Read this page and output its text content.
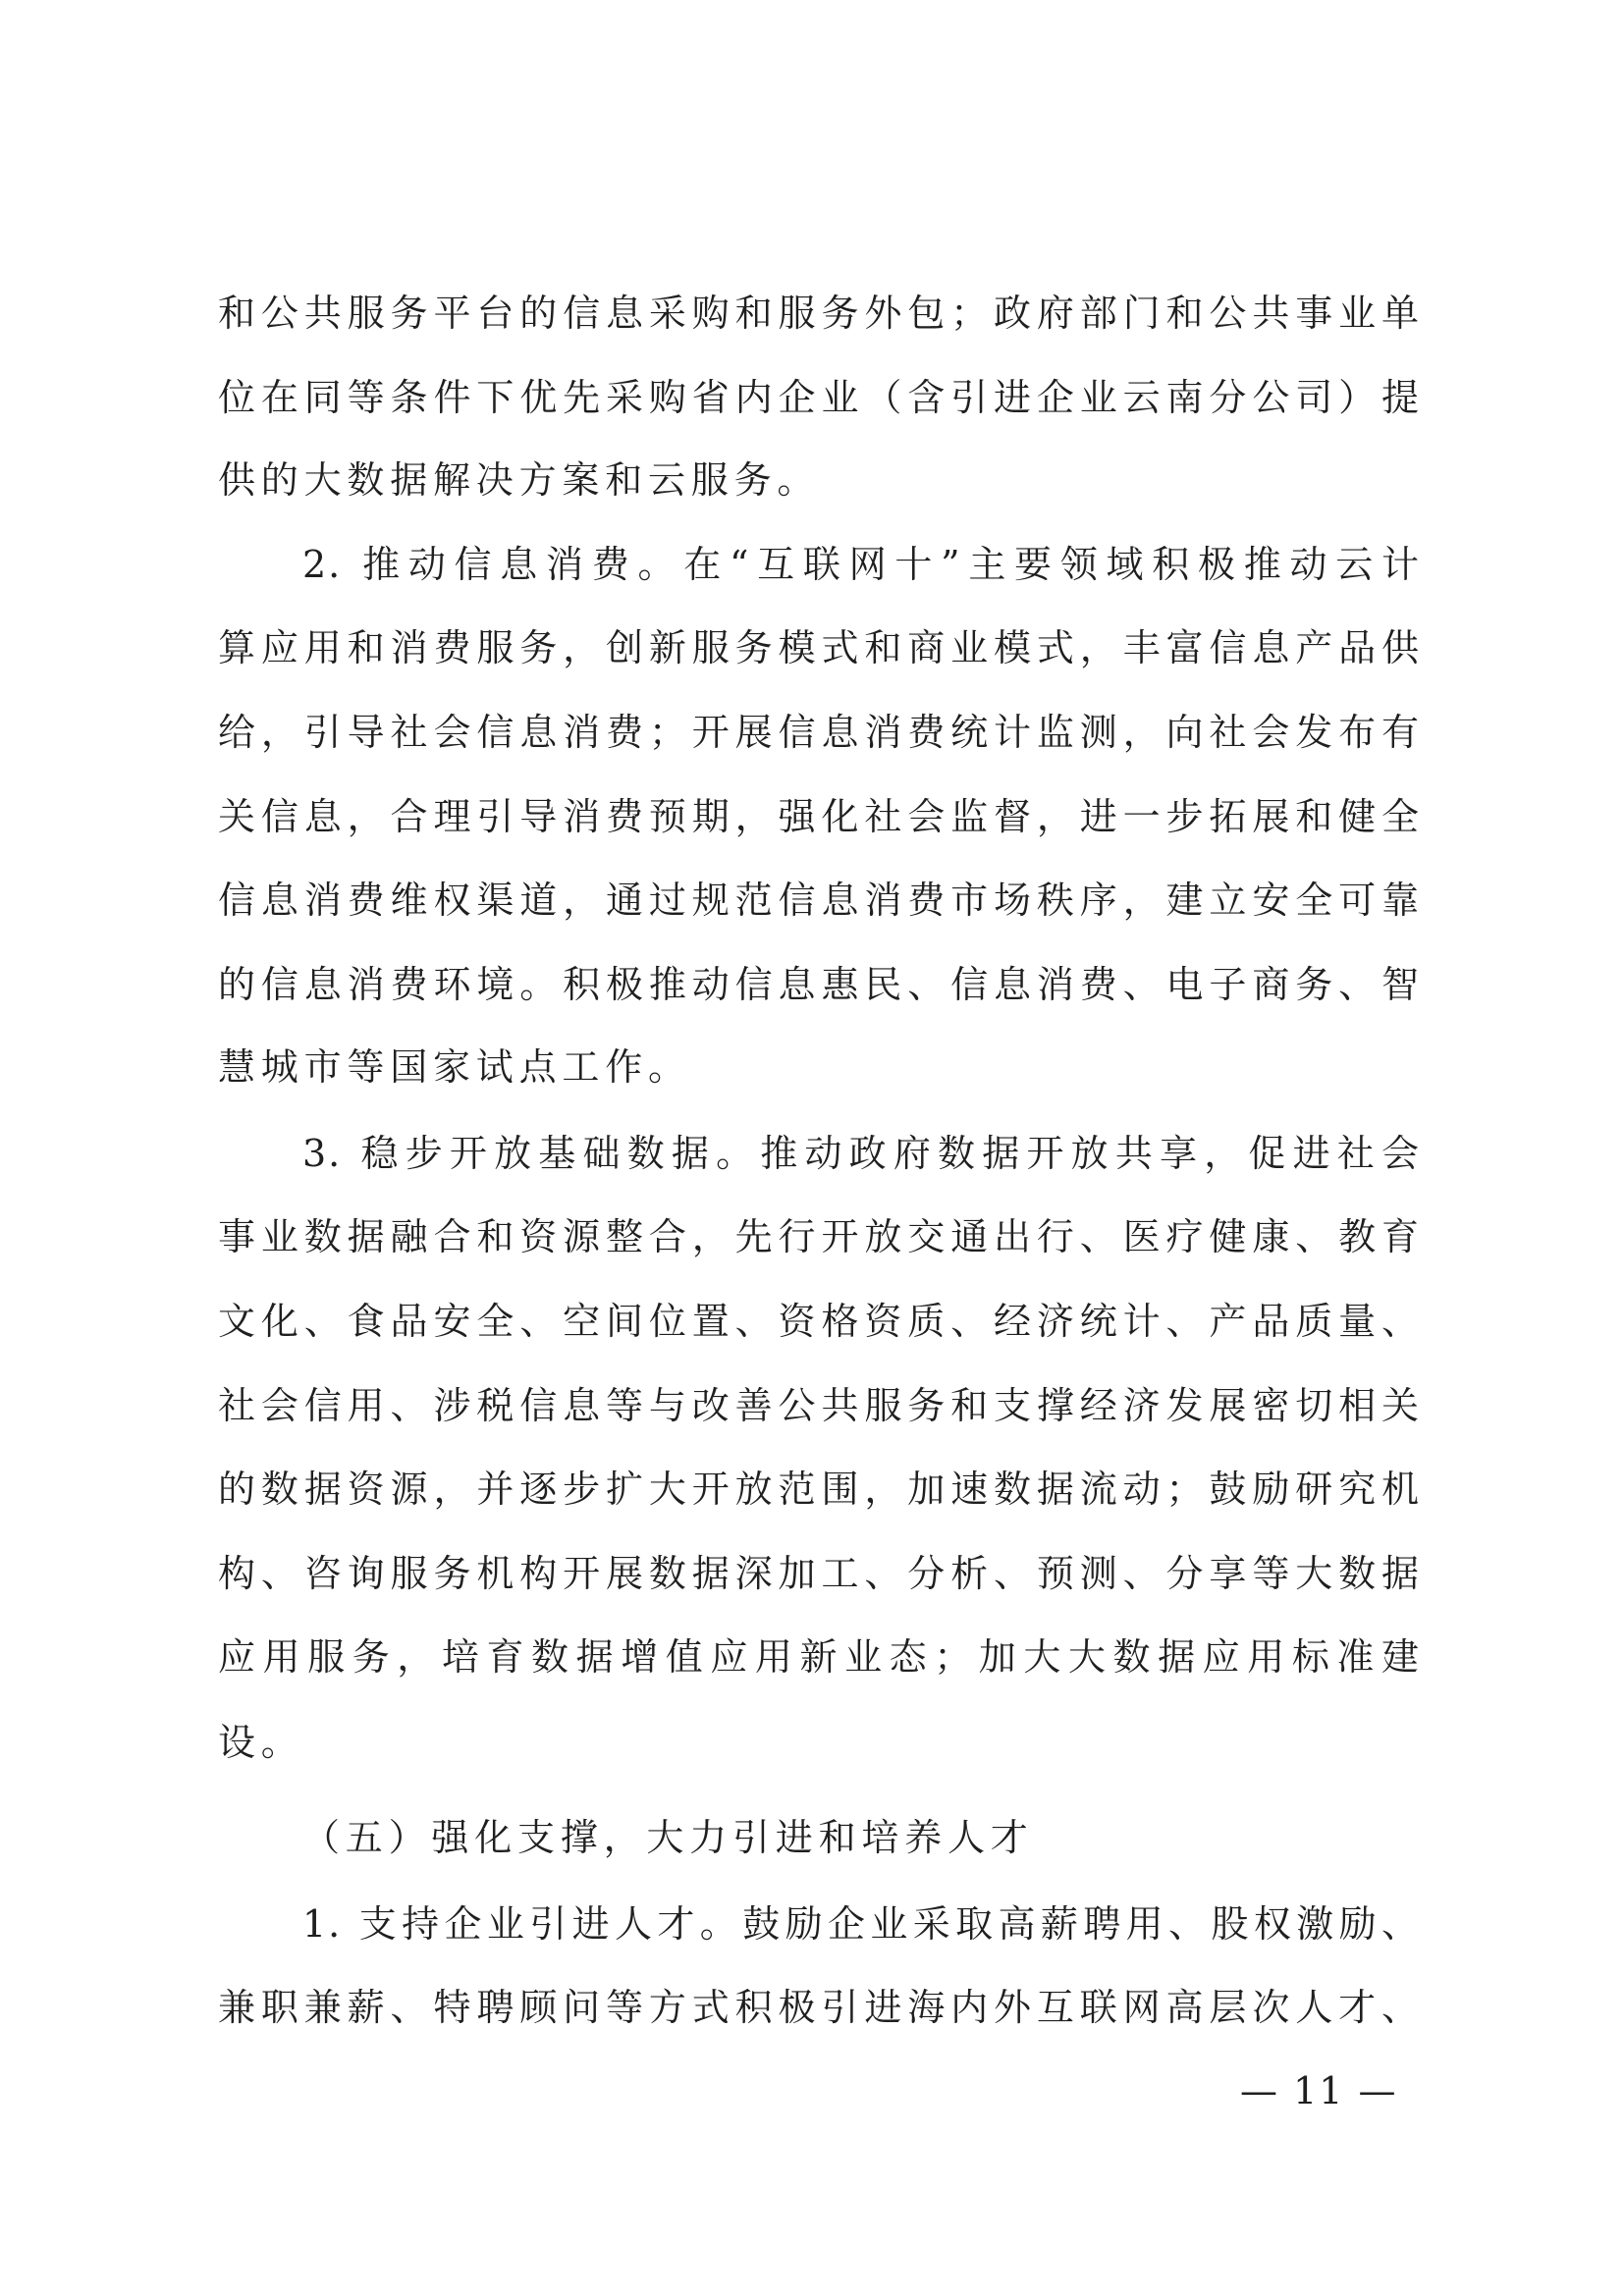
和公共服务平台的信息采购和服务外包；政府部门和公共事业单
位在同等条件下优先采购省内企业（含引进企业云南分公司）提
供的大数据解决方案和云服务。
2. 推动信息消费。在“互联网十”主要领域积极推动云计
算应用和消费服务，创新服务模式和商业模式，丰富信息产品供
给，引导社会信息消费；开展信息消费统计监测，向社会发布有
关信息，合理引导消费预期，强化社会监督，进一步拓展和健全
信息消费维权渠道，通过规范信息消费市场秩序，建立安全可靠
的信息消费环境。积极推动信息惠民、信息消费、电子商务、智
慧城市等国家试点工作。
3. 稳步开放基础数据。推动政府数据开放共享，促进社会
事业数据融合和资源整合，先行开放交通出行、医疗健康、教育
文化、食品安全、空间位置、资格资质、经济统计、产品质量、
社会信用、涉税信息等与改善公共服务和支撑经济发展密切相关
的数据资源，并逐步扩大开放范围，加速数据流动；鼓励研究机
构、咨询服务机构开展数据深加工、分析、预测、分享等大数据
应用服务，培育数据增值应用新业态；加大大数据应用标准建
设。
（五）强化支撑，大力引进和培养人才
1. 支持企业引进人才。鼓励企业采取高薪聘用、股权激励、
兼职兼薪、特聘顾问等方式积极引进海内外互联网高层次人才、
— 11 —
